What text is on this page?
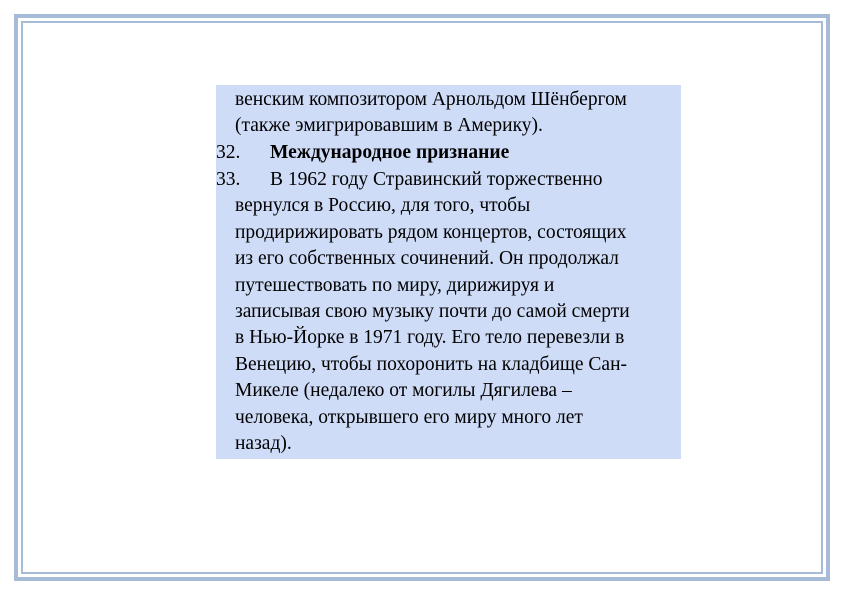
венским композитором Арнольдом Шёнбергом
(также эмигрировавшим в Америку).
32. Международное признание
33. В 1962 году Стравинский торжественно
вернулся в Россию, для того, чтобы
продирижировать рядом концертов, состоящих
из его собственных сочинений. Он продолжал
путешествовать по миру, дирижируя и
записывая свою музыку почти до самой смерти
в Нью-Йорке в 1971 году. Его тело перевезли в
Венецию, чтобы похоронить на кладбище Сан-
Микеле (недалеко от могилы Дягилева –
человека, открывшего его миру много лет
назад).
